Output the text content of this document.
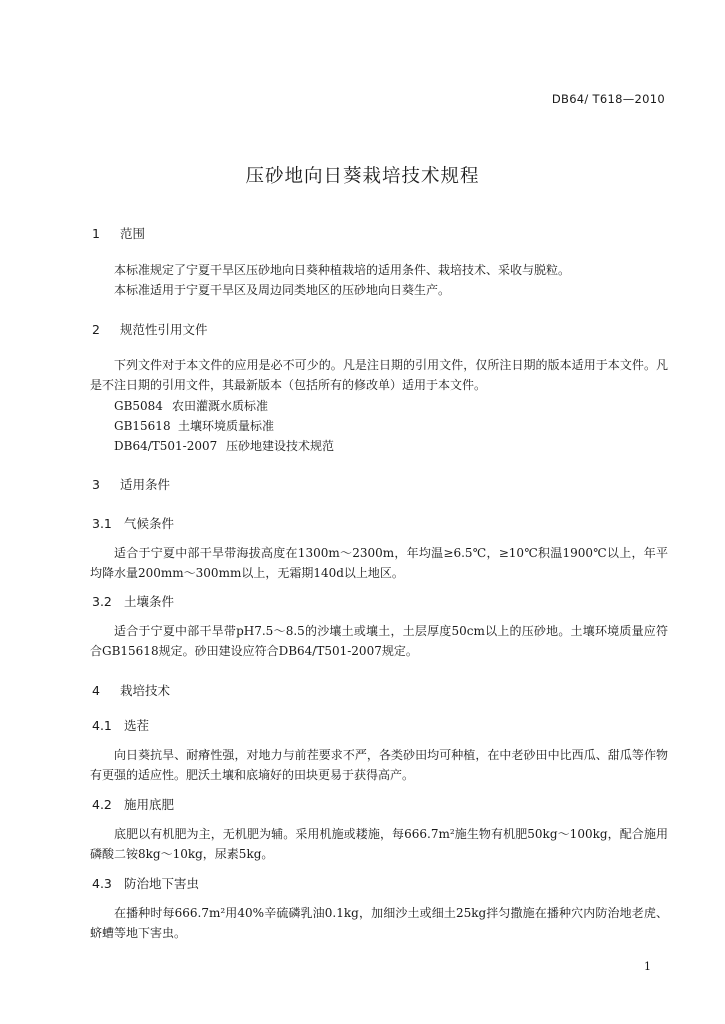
DB64/ T618—2010
压砂地向日葵栽培技术规程
1 范围
本标准规定了宁夏干旱区压砂地向日葵种植栽培的适用条件、栽培技术、采收与脱粒。
本标准适用于宁夏干旱区及周边同类地区的压砂地向日葵生产。
2 规范性引用文件
下列文件对于本文件的应用是必不可少的。凡是注日期的引用文件，仅所注日期的版本适用于本文件。凡是不注日期的引用文件，其最新版本（包括所有的修改单）适用于本文件。
GB5084 农田灌溉水质标准
GB15618 土壤环境质量标准
DB64/T501-2007 压砂地建设技术规范
3 适用条件
3.1 气候条件
适合于宁夏中部干旱带海拔高度在1300m～2300m，年均温≥6.5℃，≥10℃积温1900℃以上，年平均降水量200mm～300mm以上，无霜期140d以上地区。
3.2 土壤条件
适合于宁夏中部干旱带pH7.5～8.5的沙壤土或壤土，土层厚度50cm以上的压砂地。土壤环境质量应符合GB15618规定。砂田建设应符合DB64/T501-2007规定。
4 栽培技术
4.1 选茬
向日葵抗旱、耐瘠性强，对地力与前茬要求不严，各类砂田均可种植，在中老砂田中比西瓜、甜瓜等作物有更强的适应性。肥沃土壤和底墒好的田块更易于获得高产。
4.2 施用底肥
底肥以有机肥为主，无机肥为辅。采用机施或耧施，每666.7m²施生物有机肥50kg～100kg，配合施用磷酸二铵8kg～10kg，尿素5kg。
4.3 防治地下害虫
在播种时每666.7m²用40%辛硫磷乳油0.1kg，加细沙土或细土25kg拌匀撒施在播种穴内防治地老虎、蛴螬等地下害虫。
1
